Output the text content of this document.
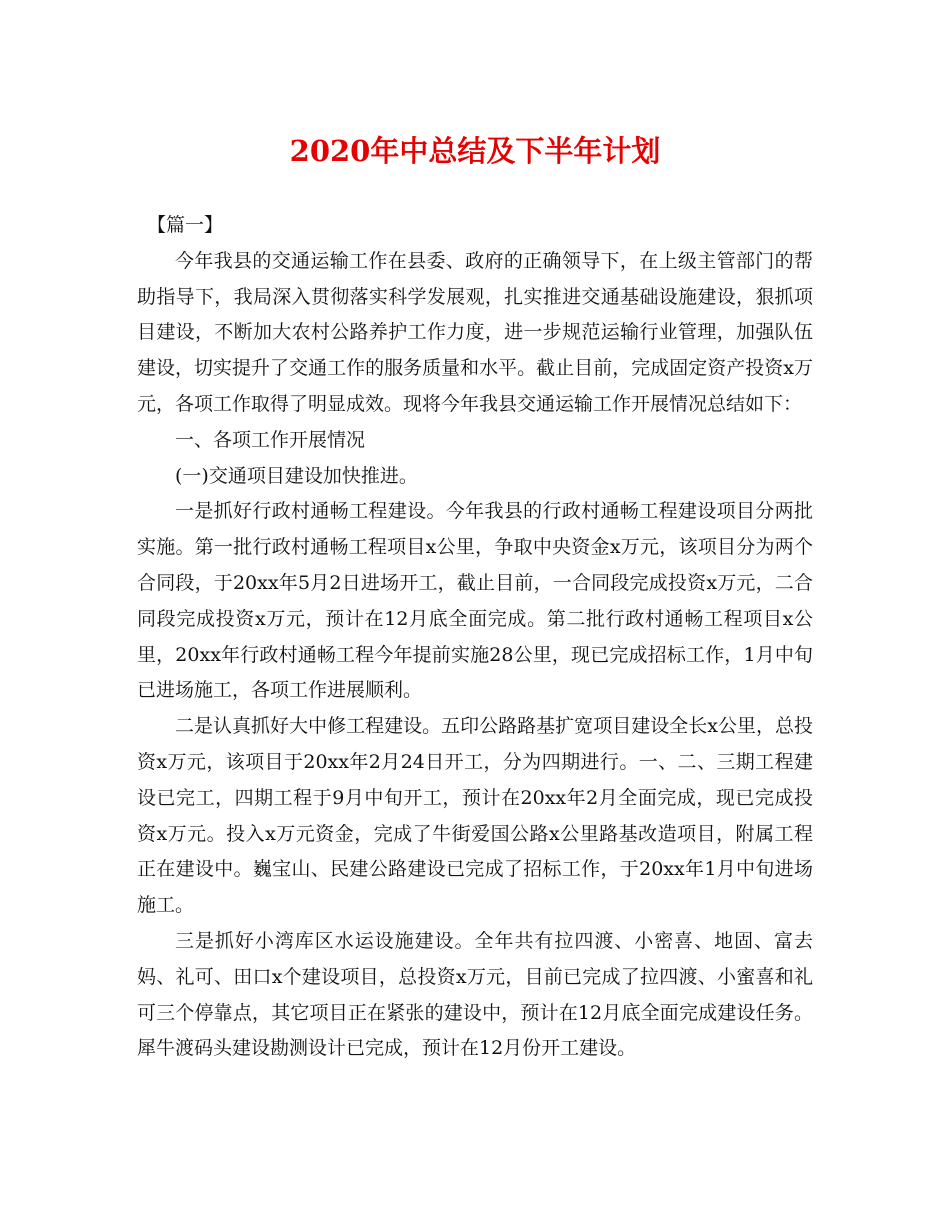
2020年中总结及下半年计划

【篇一】

今年我县的交通运输工作在县委、政府的正确领导下，在上级主管部门的帮助指导下，我局深入贯彻落实科学发展观，扎实推进交通基础设施建设，狠抓项目建设，不断加大农村公路养护工作力度，进一步规范运输行业管理，加强队伍建设，切实提升了交通工作的服务质量和水平。截止目前，完成固定资产投资x万元，各项工作取得了明显成效。现将今年我县交通运输工作开展情况总结如下：

一、各项工作开展情况

(一)交通项目建设加快推进。

一是抓好行政村通畅工程建设。今年我县的行政村通畅工程建设项目分两批实施。第一批行政村通畅工程项目x公里，争取中央资金x万元，该项目分为两个合同段，于20xx年5月2日进场开工，截止目前，一合同段完成投资x万元，二合同段完成投资x万元，预计在12月底全面完成。第二批行政村通畅工程项目x公里，20xx年行政村通畅工程今年提前实施28公里，现已完成招标工作，1月中旬已进场施工，各项工作进展顺利。

二是认真抓好大中修工程建设。五印公路路基扩宽项目建设全长x公里，总投资x万元，该项目于20xx年2月24日开工，分为四期进行。一、二、三期工程建设已完工，四期工程于9月中旬开工，预计在20xx年2月全面完成，现已完成投资x万元。投入x万元资金，完成了牛街爱国公路x公里路基改造项目，附属工程正在建设中。巍宝山、民建公路建设已完成了招标工作，于20xx年1月中旬进场施工。

三是抓好小湾库区水运设施建设。全年共有拉四渡、小密喜、地固、富去妈、礼可、田口x个建设项目，总投资x万元，目前已完成了拉四渡、小蜜喜和礼可三个停靠点，其它项目正在紧张的建设中，预计在12月底全面完成建设任务。犀牛渡码头建设勘测设计已完成，预计在12月份开工建设。
